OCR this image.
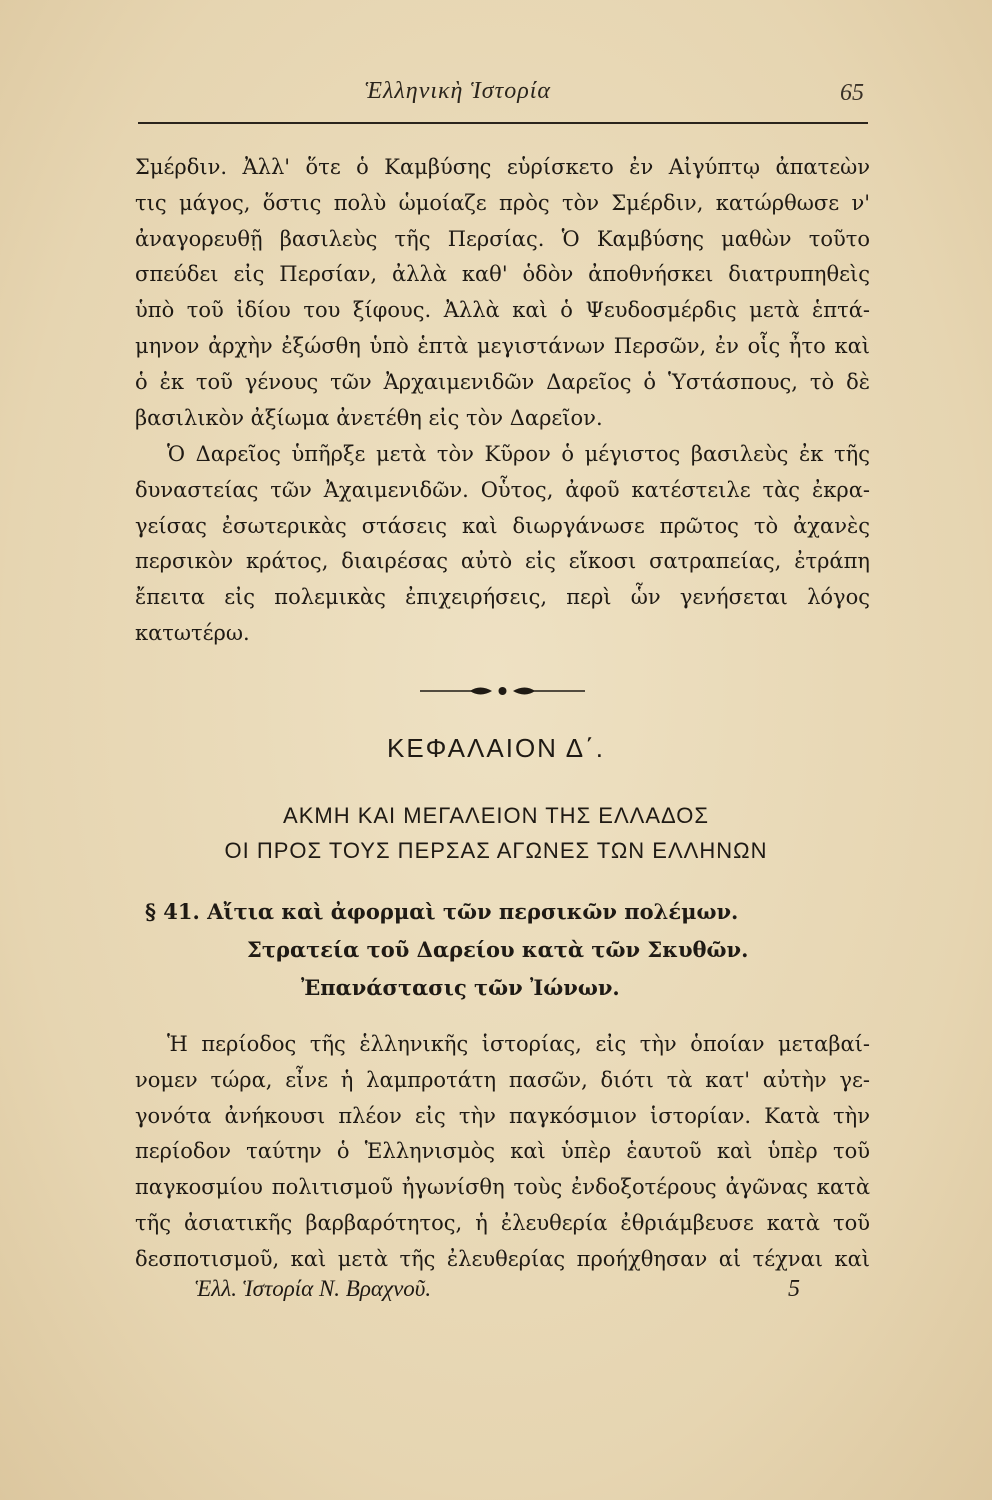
Ἑλληνικὴ Ἱστορία	65
Σμέρδιν. Ἀλλ' ὅτε ὁ Καμβύσης εὑρίσκετο ἐν Αἰγύπτῳ ἀπατεὼν
τις μάγος, ὅστις πολὺ ὡμοίαζε πρὸς τὸν Σμέρδιν, κατώρθωσε ν'
ἀναγορευθῇ βασιλεὺς τῆς Περσίας. Ὁ Καμβύσης μαθὼν τοῦτο
σπεύδει εἰς Περσίαν, ἀλλὰ καθ' ὁδὸν ἀποθνήσκει διατρυπηθεὶς
ὑπὸ τοῦ ἰδίου του ξίφους. Ἀλλὰ καὶ ὁ Ψευδοσμέρδις μετὰ ἑπτά-
μηνον ἀρχὴν ἐξώσθη ὑπὸ ἑπτὰ μεγιστάνων Περσῶν, ἐν οἷς ἦτο καὶ
ὁ ἐκ τοῦ γένους τῶν Ἀρχαιμενιδῶν Δαρεῖος ὁ Ὑστάσπους, τὸ δὲ
βασιλικὸν ἀξίωμα ἀνετέθη εἰς τὸν Δαρεῖον.
Ὁ Δαρεῖος ὑπῆρξε μετὰ τὸν Κῦρον ὁ μέγιστος βασιλεὺς ἐκ τῆς
δυναστείας τῶν Ἀχαιμενιδῶν. Οὗτος, ἀφοῦ κατέστειλε τὰς ἐκρα-
γείσας ἐσωτερικὰς στάσεις καὶ διωργάνωσε πρῶτος τὸ ἀχανὲς
περσικὸν κράτος, διαιρέσας αὐτὸ εἰς εἴκοσι σατραπείας, ἐτράπη
ἔπειτα εἰς πολεμικὰς ἐπιχειρήσεις, περὶ ὧν γενήσεται λόγος
κατωτέρω.
ΚΕΦΑΛΑΙΟΝ Δ΄.
ΑΚΜΗ ΚΑΙ ΜΕΓΑΛΕΙΟΝ ΤΗΣ ΕΛΛΑΔΟΣ
ΟΙ ΠΡΟΣ ΤΟΥΣ ΠΕΡΣΑΣ ΑΓΩΝΕΣ ΤΩΝ ΕΛΛΗΝΩΝ
§ 41. Αἴτια καὶ ἀφορμαὶ τῶν περσικῶν πολέμων.
Στρατεία τοῦ Δαρείου κατὰ τῶν Σκυθῶν.
Ἐπανάστασις τῶν Ἰώνων.
Ἡ περίοδος τῆς ἑλληνικῆς ἱστορίας, εἰς τὴν ὁποίαν μεταβαί-
νομεν τώρα, εἶνε ἡ λαμπροτάτη πασῶν, διότι τὰ κατ' αὐτὴν γε-
γονότα ἀνήκουσι πλέον εἰς τὴν παγκόσμιον ἱστορίαν. Κατὰ τὴν
περίοδον ταύτην ὁ Ἑλληνισμὸς καὶ ὑπὲρ ἑαυτοῦ καὶ ὑπὲρ τοῦ
παγκοσμίου πολιτισμοῦ ἠγωνίσθη τοὺς ἐνδοξοτέρους ἀγῶνας κατὰ
τῆς ἀσιατικῆς βαρβαρότητος, ἡ ἐλευθερία ἐθριάμβευσε κατὰ τοῦ
δεσποτισμοῦ, καὶ μετὰ τῆς ἐλευθερίας προήχθησαν αἱ τέχναι καὶ
Ἑλλ. Ἱστορία Ν. Βραχνοῦ.	5
